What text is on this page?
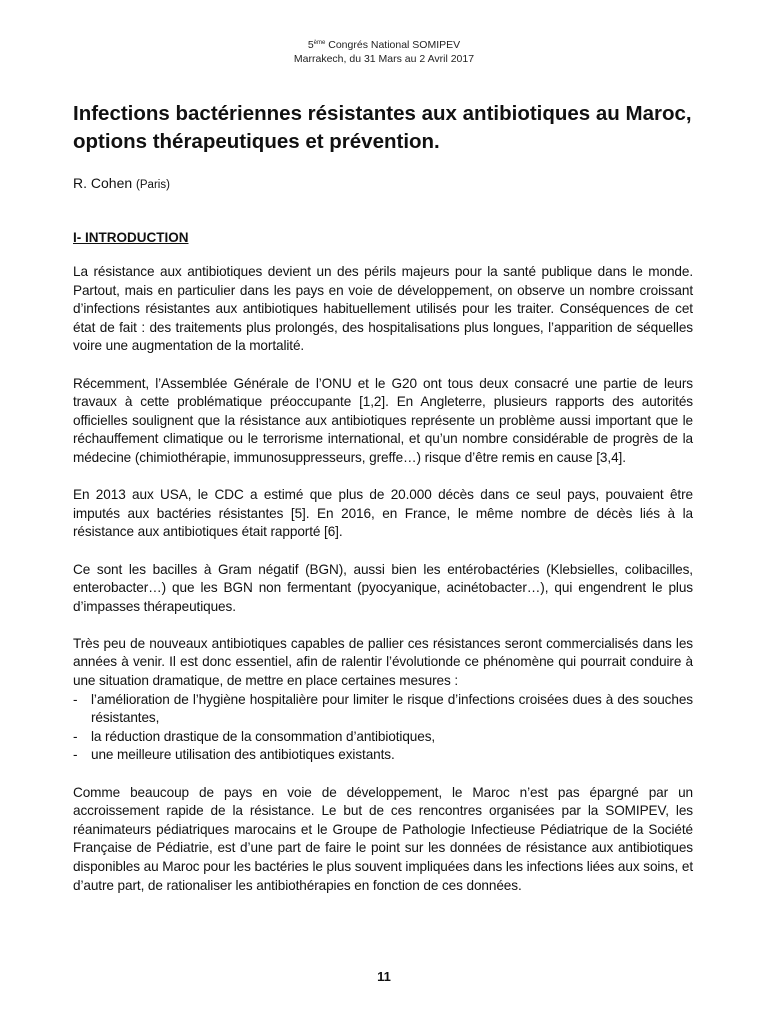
5ème Congrés National SOMIPEV
Marrakech, du 31 Mars au 2 Avril 2017
Infections bactériennes résistantes aux antibiotiques au Maroc, options thérapeutiques et prévention.
R. Cohen (Paris)
I- INTRODUCTION

La résistance aux antibiotiques devient un des périls majeurs pour la santé publique dans le monde. Partout, mais en particulier dans les pays en voie de développement, on observe un nombre croissant d’infections résistantes aux antibiotiques habituellement utilisés pour les traiter. Conséquences de cet état de fait : des traitements plus prolongés, des hospitalisations plus longues, l’apparition de séquelles voire une augmentation de la mortalité.

Récemment, l’Assemblée Générale de l’ONU et le G20 ont tous deux consacré une partie de leurs travaux à cette problématique préoccupante [1,2]. En Angleterre, plusieurs rapports des autorités officielles soulignent que la résistance aux antibiotiques représente un problème aussi important que le réchauffement climatique ou le terrorisme international, et qu’un nombre considérable de progrès de la médecine (chimiothérapie, immunosuppresseurs, greffe…) risque d’être remis en cause [3,4].

En 2013 aux USA, le CDC a estimé que plus de 20.000 décès dans ce seul pays, pouvaient être imputés aux bactéries résistantes [5]. En 2016, en France, le même nombre de décès liés à la résistance aux antibiotiques était rapporté [6].

Ce sont les bacilles à Gram négatif (BGN), aussi bien les entérobactéries (Klebsielles, colibacilles, enterobacter…) que les BGN non fermentant (pyocyanique, acinétobacter…), qui engendrent le plus d’impasses thérapeutiques.

Très peu de nouveaux antibiotiques capables de pallier ces résistances seront commercialisés dans les années à venir. Il est donc essentiel, afin de ralentir l’évolutionde ce phénomène qui pourrait conduire à une situation dramatique, de mettre en place certaines mesures :

- l’amélioration de l’hygiène hospitalière pour limiter le risque d’infections croisées dues à des souches résistantes,
- la réduction drastique de la consommation d’antibiotiques,
- une meilleure utilisation des antibiotiques existants.

Comme beaucoup de pays en voie de développement, le Maroc n’est pas épargné par un accroissement rapide de la résistance. Le but de ces rencontres organisées par la SOMIPEV, les réanimateurs pédiatriques marocains et le Groupe de Pathologie Infectieuse Pédiatrique de la Société Française de Pédiatrie, est d’une part de faire le point sur les données de résistance aux antibiotiques disponibles au Maroc pour les bactéries le plus souvent impliquées dans les infections liées aux soins, et d’autre part, de rationaliser les antibiothérapies en fonction de ces données.

11
